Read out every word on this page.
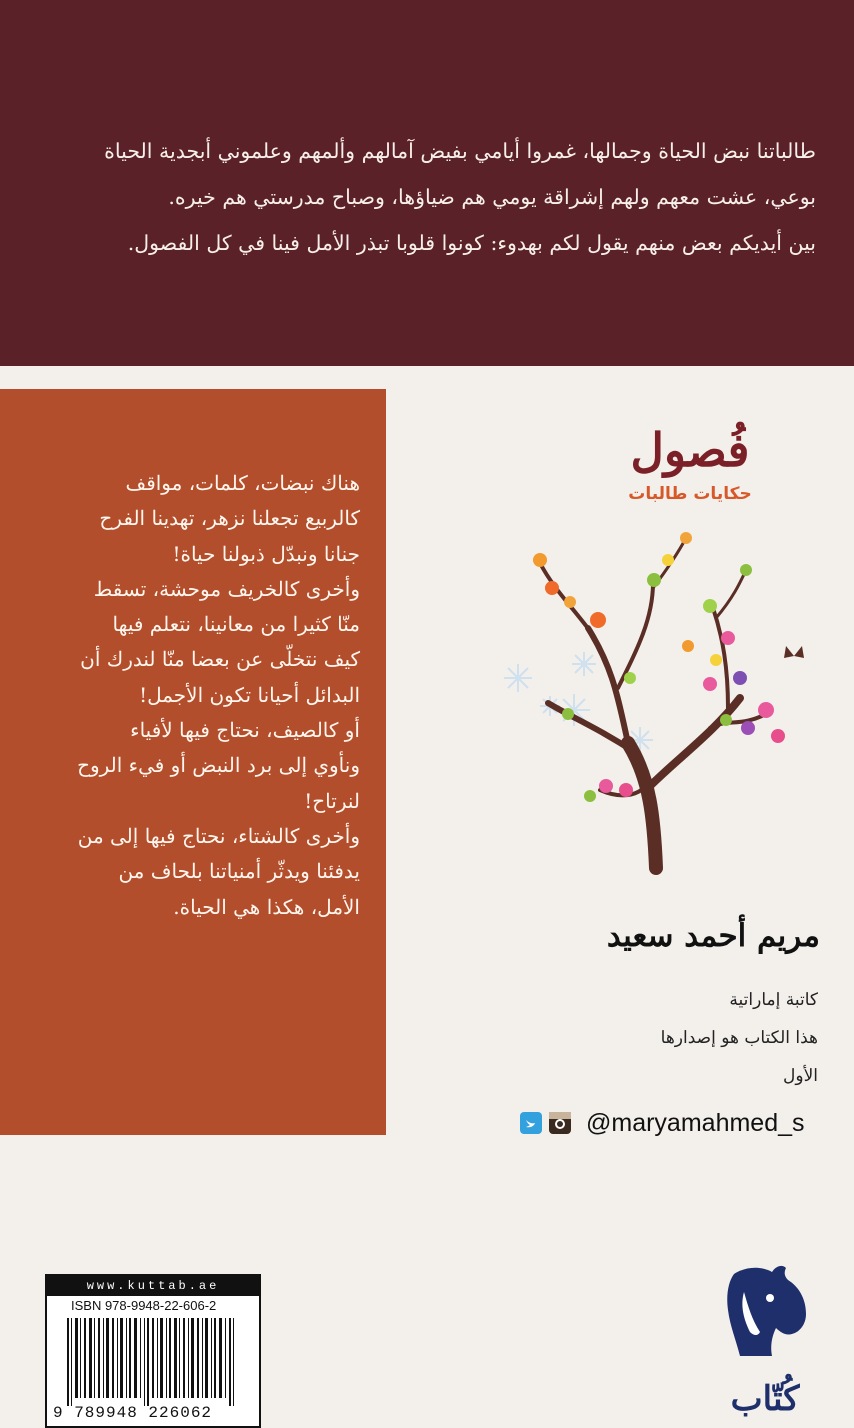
طالباتنا نبض الحياة وجمالها، غمروا أيامي بفيض آمالهم وألمهم وعلموني أبجدية الحياة

بوعي، عشت معهم ولهم إشراقة يومي هم ضياؤها، وصباح مدرستي هم خيره.

بين أيديكم بعض منهم يقول لكم بهدوء: كونوا قلوبا تبذر الأمل فينا في كل الفصول.

هناك نبضات، كلمات، مواقف

كالربيع تجعلنا نزهر، تهدينا الفرح

جنانا ونبدّل ذبولنا حياة!

وأخرى كالخريف موحشة، تسقط

منّا كثيرا من معانينا، نتعلم فيها

كيف نتخلّى عن بعضا منّا لندرك أن

البدائل أحيانا تكون الأجمل!

أو كالصيف، نحتاج فيها لأفياء

ونأوي إلى برد النبض أو فيء الروح

لنرتاح!

وأخرى كالشتاء، نحتاج فيها إلى من

يدفئنا ويدثّر أمنياتنا بلحاف من

الأمل، هكذا هي الحياة.

فُصول
حكايات طالبات
مريم أحمد سعيد
كاتبة إماراتية
هذا الكتاب هو إصدارها
الأول
@maryamahmed_s
www.kuttab.ae
ISBN 978-9948-22-606-2
9 789948 226062	كُتّاب
